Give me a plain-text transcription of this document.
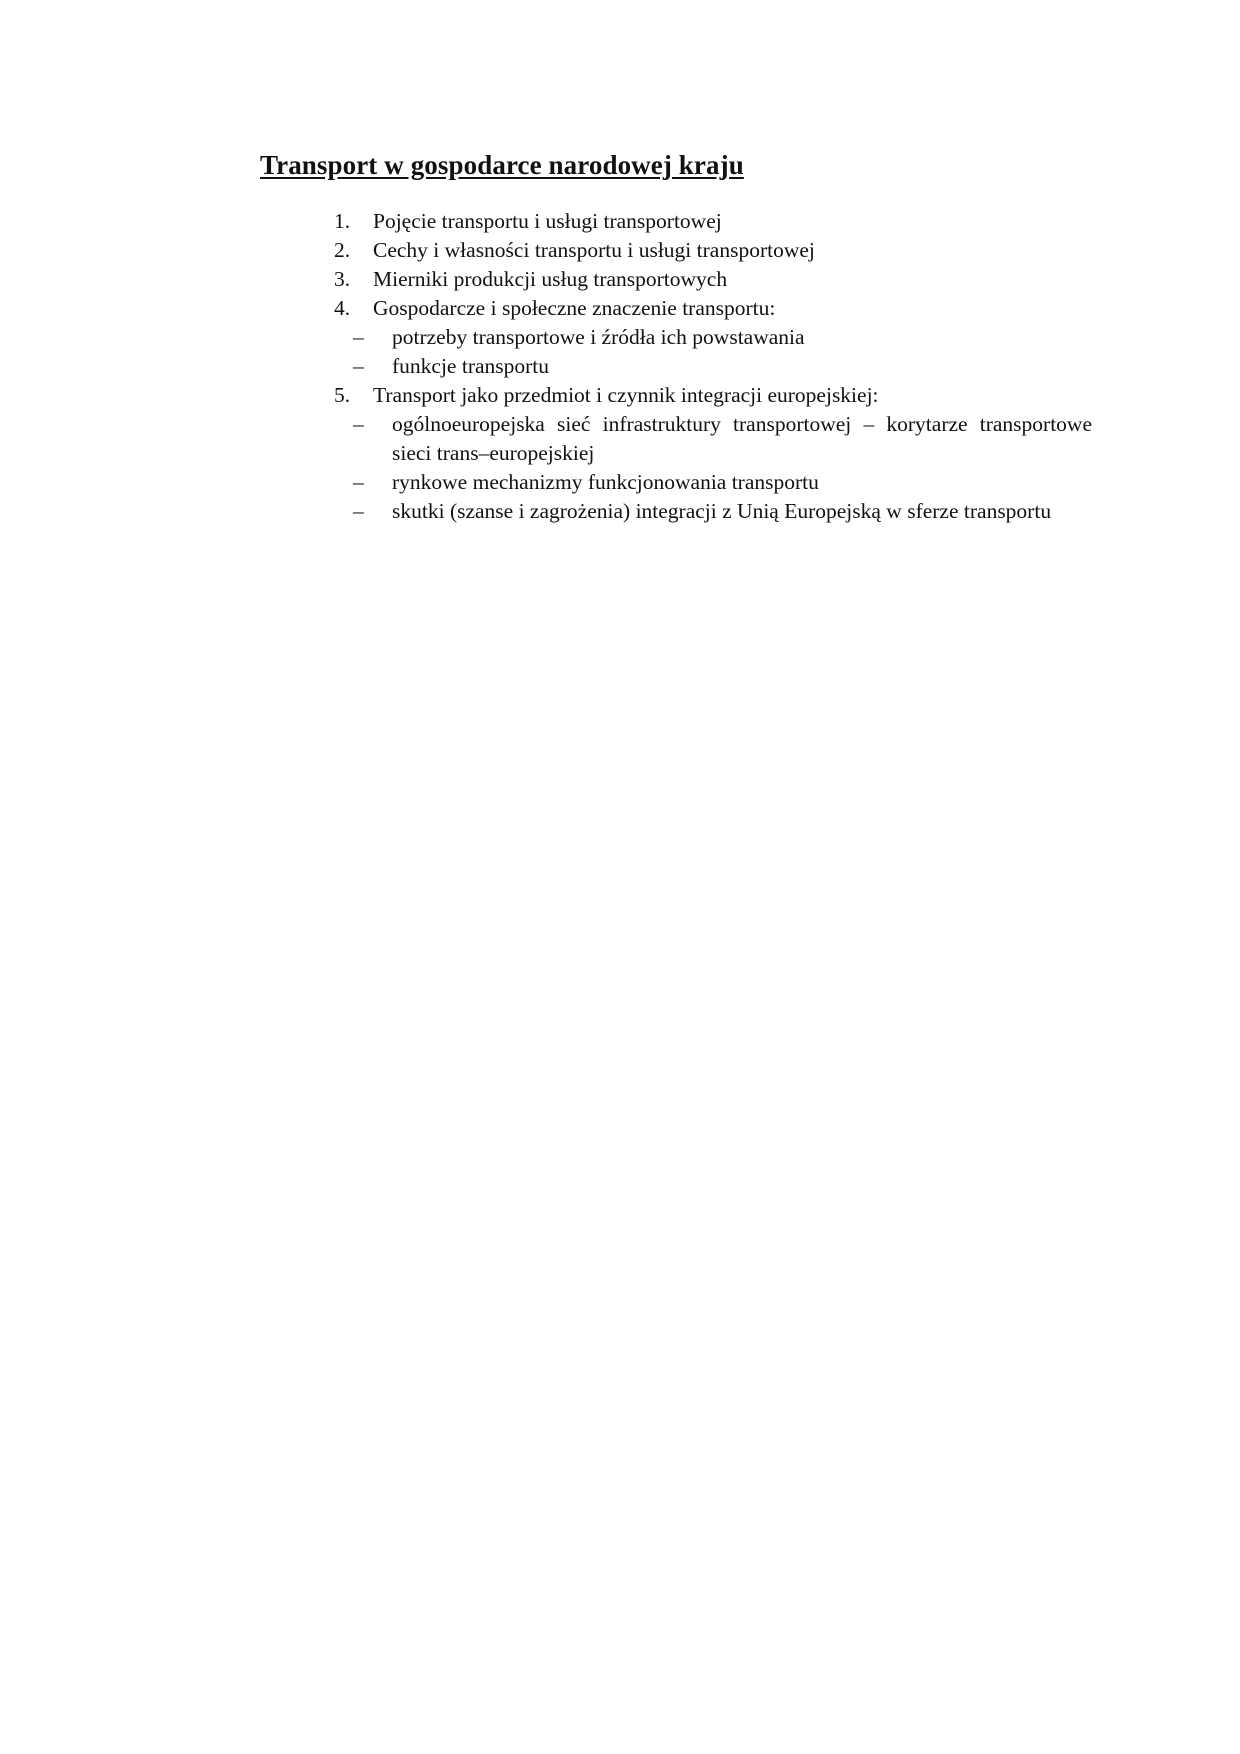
Transport w gospodarce narodowej kraju
1.	Pojęcie transportu i usługi transportowej
2.	Cechy i własności transportu i usługi transportowej
3.	Mierniki produkcji usług transportowych
4.	Gospodarcze i społeczne znaczenie transportu:
– potrzeby transportowe i źródła ich powstawania
– funkcje transportu
5.	Transport jako przedmiot i czynnik integracji europejskiej:
– ogólnoeuropejska sieć infrastruktury transportowej – korytarze transportowe sieci trans–europejskiej
– rynkowe mechanizmy funkcjonowania transportu
– skutki (szanse i zagrożenia) integracji z Unią Europejską w sferze transportu
